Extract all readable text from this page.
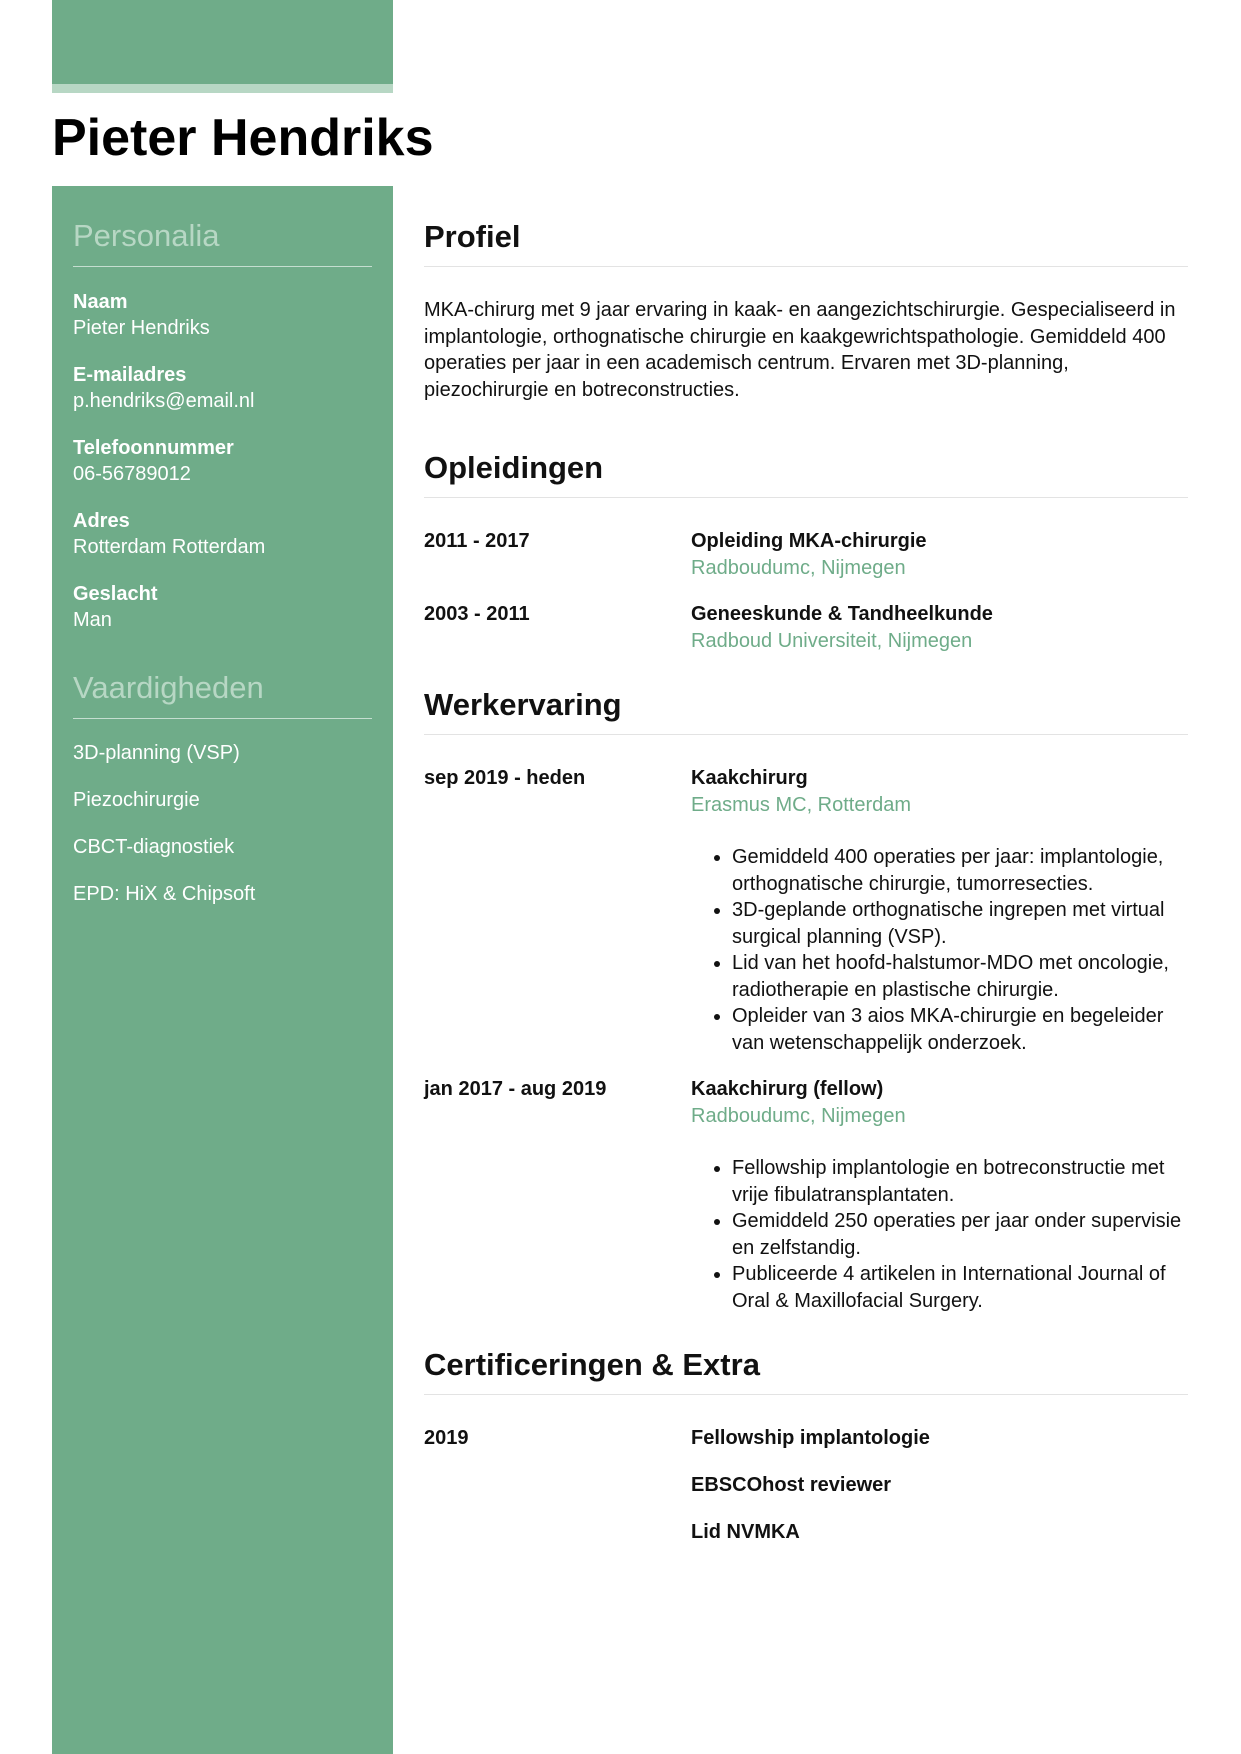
Pieter Hendriks
Personalia
Naam
Pieter Hendriks
E-mailadres
p.hendriks@email.nl
Telefoonnummer
06-56789012
Adres
Rotterdam Rotterdam
Geslacht
Man
Vaardigheden
3D-planning (VSP)
Piezochirurgie
CBCT-diagnostiek
EPD: HiX & Chipsoft
Profiel

MKA-chirurg met 9 jaar ervaring in kaak- en aangezichtschirurgie. Gespecialiseerd in implantologie, orthognatische chirurgie en kaakgewrichtspathologie. Gemiddeld 400 operaties per jaar in een academisch centrum. Ervaren met 3D-planning, piezochirurgie en botreconstructies.

Opleidingen
2011 - 2017	Opleiding MKA-chirurgie
Radboudumc, Nijmegen
2003 - 2011	Geneeskunde & Tandheelkunde
Radboud Universiteit, Nijmegen
Werkervaring
sep 2019 - heden	Kaakchirurg
Erasmus MC, Rotterdam
• Gemiddeld 400 operaties per jaar: implantologie, orthognatische chirurgie, tumorresecties.
• 3D-geplande orthognatische ingrepen met virtual surgical planning (VSP).
• Lid van het hoofd-halstumor-MDO met oncologie, radiotherapie en plastische chirurgie.
• Opleider van 3 aios MKA-chirurgie en begeleider van wetenschappelijk onderzoek.
jan 2017 - aug 2019	Kaakchirurg (fellow)
Radboudumc, Nijmegen
• Fellowship implantologie en botreconstructie met vrije fibulatransplantaten.
• Gemiddeld 250 operaties per jaar onder supervisie en zelfstandig.
• Publiceerde 4 artikelen in International Journal of Oral & Maxillofacial Surgery.
Certificeringen & Extra
2019	Fellowship implantologie
EBSCOhost reviewer
Lid NVMKA
